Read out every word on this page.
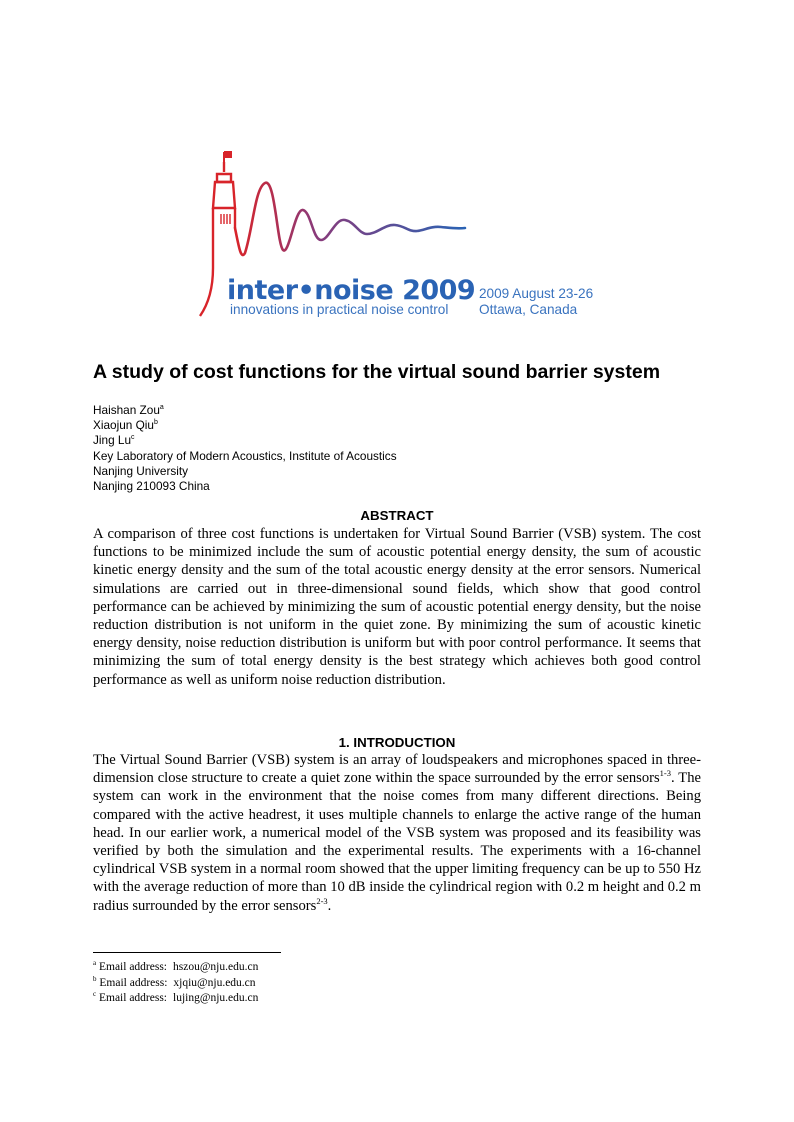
inter•noise 2009
innovations in practical noise control
2009 August 23-26
Ottawa, Canada
A study of cost functions for the virtual sound barrier system
Haishan Zou$^a$
Xiaojun Qiu$^b$
Jing Lu$^c$
Key Laboratory of Modern Acoustics, Institute of Acoustics
Nanjing University
Nanjing 210093 China
ABSTRACT
A comparison of three cost functions is undertaken for Virtual Sound Barrier (VSB) system. The cost functions to be minimized include the sum of acoustic potential energy density, the sum of acoustic kinetic energy density and the sum of the total acoustic energy density at the error sensors. Numerical simulations are carried out in three-dimensional sound fields, which show that good control performance can be achieved by minimizing the sum of acoustic potential energy density, but the noise reduction distribution is not uniform in the quiet zone. By minimizing the sum of acoustic kinetic energy density, noise reduction distribution is uniform but with poor control performance. It seems that minimizing the sum of total energy density is the best strategy which achieves both good control performance as well as uniform noise reduction distribution.
1. INTRODUCTION
The Virtual Sound Barrier (VSB) system is an array of loudspeakers and microphones spaced in three-dimension close structure to create a quiet zone within the space surrounded by the error sensors$^{1-3}$. The system can work in the environment that the noise comes from many different directions. Being compared with the active headrest, it uses multiple channels to enlarge the active range of the human head. In our earlier work, a numerical model of the VSB system was proposed and its feasibility was verified by both the simulation and the experimental results. The experiments with a 16-channel cylindrical VSB system in a normal room showed that the upper limiting frequency can be up to 550 Hz with the average reduction of more than 10 dB inside the cylindrical region with 0.2 m height and 0.2 m radius surrounded by the error sensors$^{2-3}$.
$^a$ Email address: hszou@nju.edu.cn
$^b$ Email address: xjqiu@nju.edu.cn
$^c$ Email address: lujing@nju.edu.cn
